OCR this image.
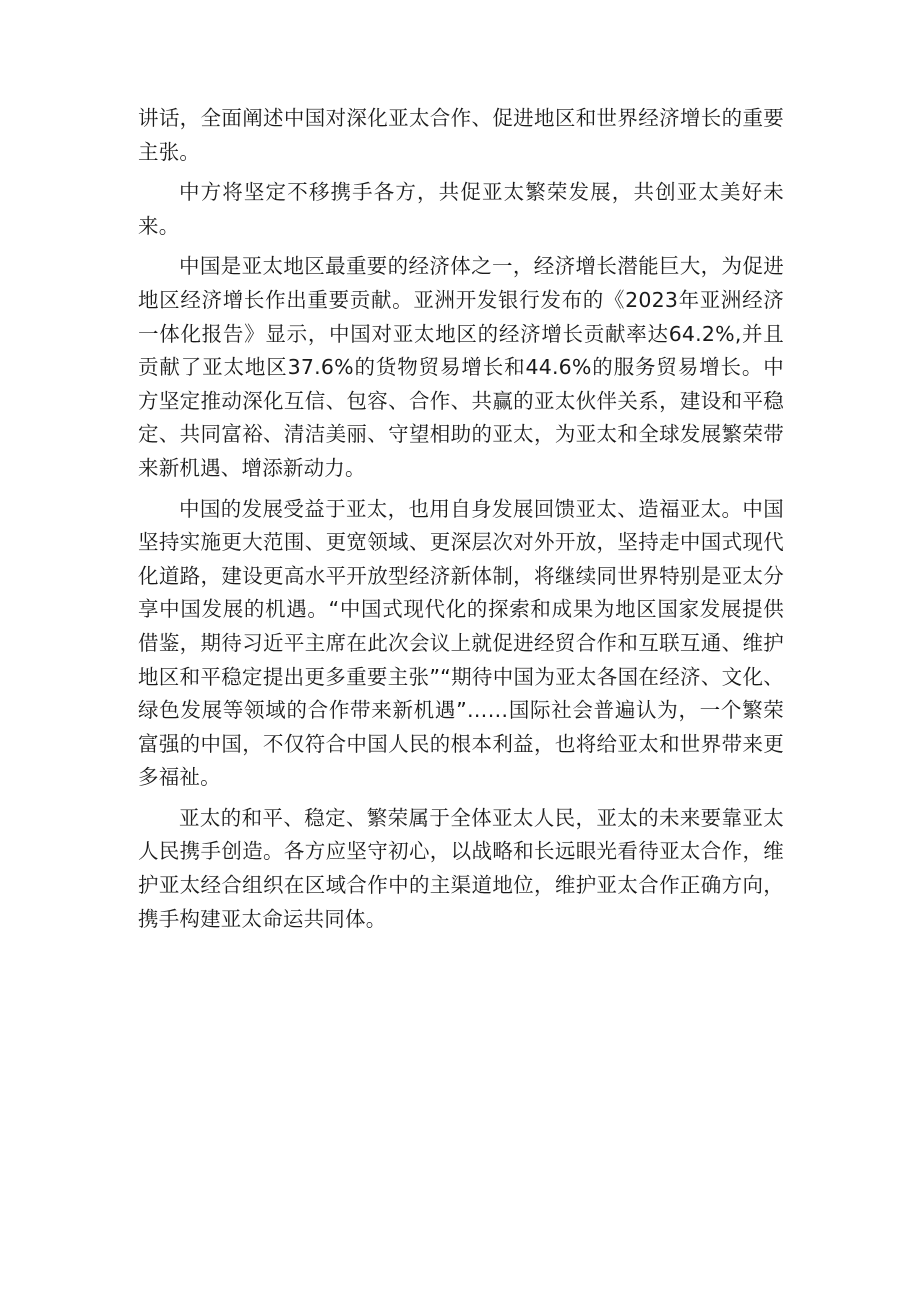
讲话，全面阐述中国对深化亚太合作、促进地区和世界经济增长的重要主张。

中方将坚定不移携手各方，共促亚太繁荣发展，共创亚太美好未来。

中国是亚太地区最重要的经济体之一，经济增长潜能巨大，为促进地区经济增长作出重要贡献。亚洲开发银行发布的《2023年亚洲经济一体化报告》显示，中国对亚太地区的经济增长贡献率达64.2%,并且贡献了亚太地区37.6%的货物贸易增长和44.6%的服务贸易增长。中方坚定推动深化互信、包容、合作、共赢的亚太伙伴关系，建设和平稳定、共同富裕、清洁美丽、守望相助的亚太，为亚太和全球发展繁荣带来新机遇、增添新动力。

中国的发展受益于亚太，也用自身发展回馈亚太、造福亚太。中国坚持实施更大范围、更宽领域、更深层次对外开放，坚持走中国式现代化道路，建设更高水平开放型经济新体制，将继续同世界特别是亚太分享中国发展的机遇。“中国式现代化的探索和成果为地区国家发展提供借鉴，期待习近平主席在此次会议上就促进经贸合作和互联互通、维护地区和平稳定提出更多重要主张”“期待中国为亚太各国在经济、文化、绿色发展等领域的合作带来新机遇”……国际社会普遍认为，一个繁荣富强的中国，不仅符合中国人民的根本利益，也将给亚太和世界带来更多福祉。

亚太的和平、稳定、繁荣属于全体亚太人民，亚太的未来要靠亚太人民携手创造。各方应坚守初心，以战略和长远眼光看待亚太合作，维护亚太经合组织在区域合作中的主渠道地位，维护亚太合作正确方向，携手构建亚太命运共同体。
